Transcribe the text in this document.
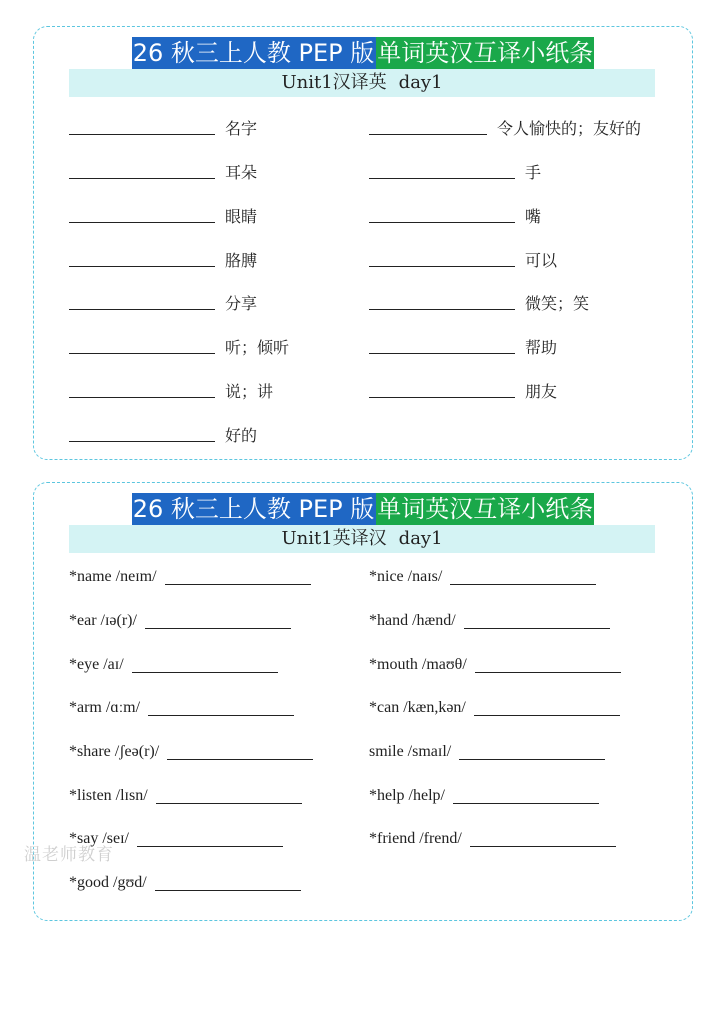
26 秋三上人教 PEP 版 单词英汉互译小纸条
Unit1汉译英 day1
名字
耳朵
眼睛
胳膊
分享
听；倾听
说；讲
好的
令人愉快的；友好的
手
嘴
可以
微笑；笑
帮助
朋友
26 秋三上人教 PEP 版 单词英汉互译小纸条
Unit1英译汉 day1
*name /neɪm/
*ear /ɪə(r)/
*eye /aɪ/
*arm /ɑːm/
*share /ʃeə(r)/
*listen /lɪsn/
*say /seɪ/
*good /gʊd/
*nice /naɪs/
*hand /hænd/
*mouth /maʊθ/
*can /kæn,kən/
smile /smaɪl/
*help /help/
*friend /frend/
温老师教育
